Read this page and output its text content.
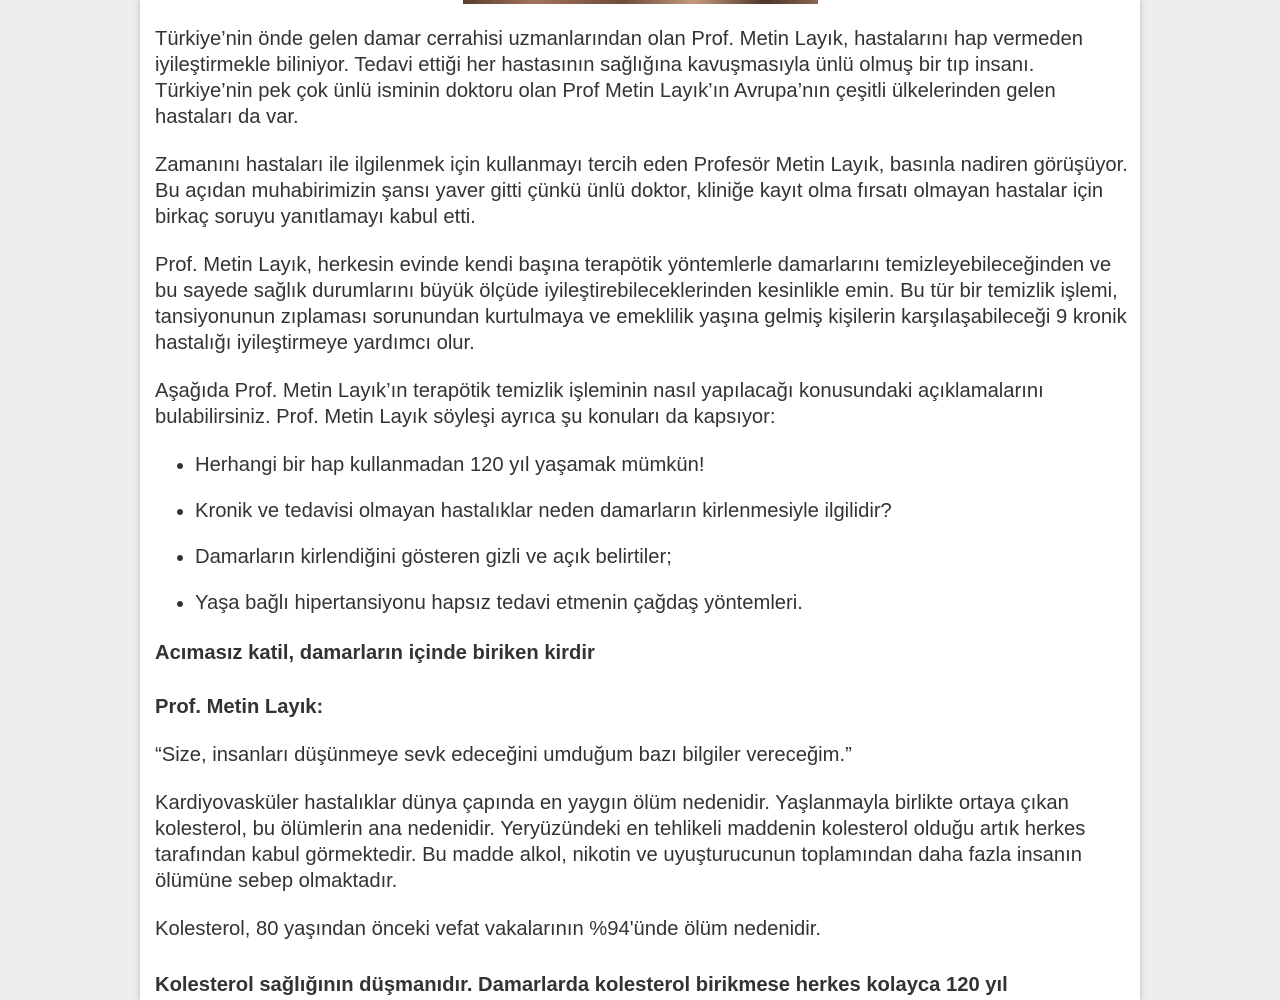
Türkiye’nin önde gelen damar cerrahisi uzmanlarından olan Prof. Metin Layık, hastalarını hap vermeden iyileştirmekle biliniyor. Tedavi ettiği her hastasının sağlığına kavuşmasıyla ünlü olmuş bir tıp insanı. Türkiye’nin pek çok ünlü isminin doktoru olan Prof Metin Layık’ın Avrupa’nın çeşitli ülkelerinden gelen hastaları da var.

Zamanını hastaları ile ilgilenmek için kullanmayı tercih eden Profesör Metin Layık, basınla nadiren görüşüyor. Bu açıdan muhabirimizin şansı yaver gitti çünkü ünlü doktor, kliniğe kayıt olma fırsatı olmayan hastalar için birkaç soruyu yanıtlamayı kabul etti.

Prof. Metin Layık, herkesin evinde kendi başına terapötik yöntemlerle damarlarını temizleyebileceğinden ve bu sayede sağlık durumlarını büyük ölçüde iyileştirebileceklerinden kesinlikle emin. Bu tür bir temizlik işlemi, tansiyonunun zıplaması sorunundan kurtulmaya ve emeklilik yaşına gelmiş kişilerin karşılaşabileceği 9 kronik hastalığı iyileştirmeye yardımcı olur.

Aşağıda Prof. Metin Layık’ın terapötik temizlik işleminin nasıl yapılacağı konusundaki açıklamalarını bulabilirsiniz. Prof. Metin Layık söyleşi ayrıca şu konuları da kapsıyor:

• Herhangi bir hap kullanmadan 120 yıl yaşamak mümkün!
• Kronik ve tedavisi olmayan hastalıklar neden damarların kirlenmesiyle ilgilidir?
• Damarların kirlendiğini gösteren gizli ve açık belirtiler;
• Yaşa bağlı hipertansiyonu hapsız tedavi etmenin çağdaş yöntemleri.

Acımasız katil, damarların içinde biriken kirdir

Prof. Metin Layık:

“Size, insanları düşünmeye sevk edeceğini umduğum bazı bilgiler vereceğim.”

Kardiyovasküler hastalıklar dünya çapında en yaygın ölüm nedenidir. Yaşlanmayla birlikte ortaya çıkan kolesterol, bu ölümlerin ana nedenidir. Yeryüzündeki en tehlikeli maddenin kolesterol olduğu artık herkes tarafından kabul görmektedir. Bu madde alkol, nikotin ve uyuşturucunun toplamından daha fazla insanın ölümüne sebep olmaktadır.

Kolesterol, 80 yaşından önceki vefat vakalarının %94'ünde ölüm nedenidir.

Kolesterol sağlığının düşmanıdır. Damarlarda kolesterol birikmese herkes kolayca 120 yıl
